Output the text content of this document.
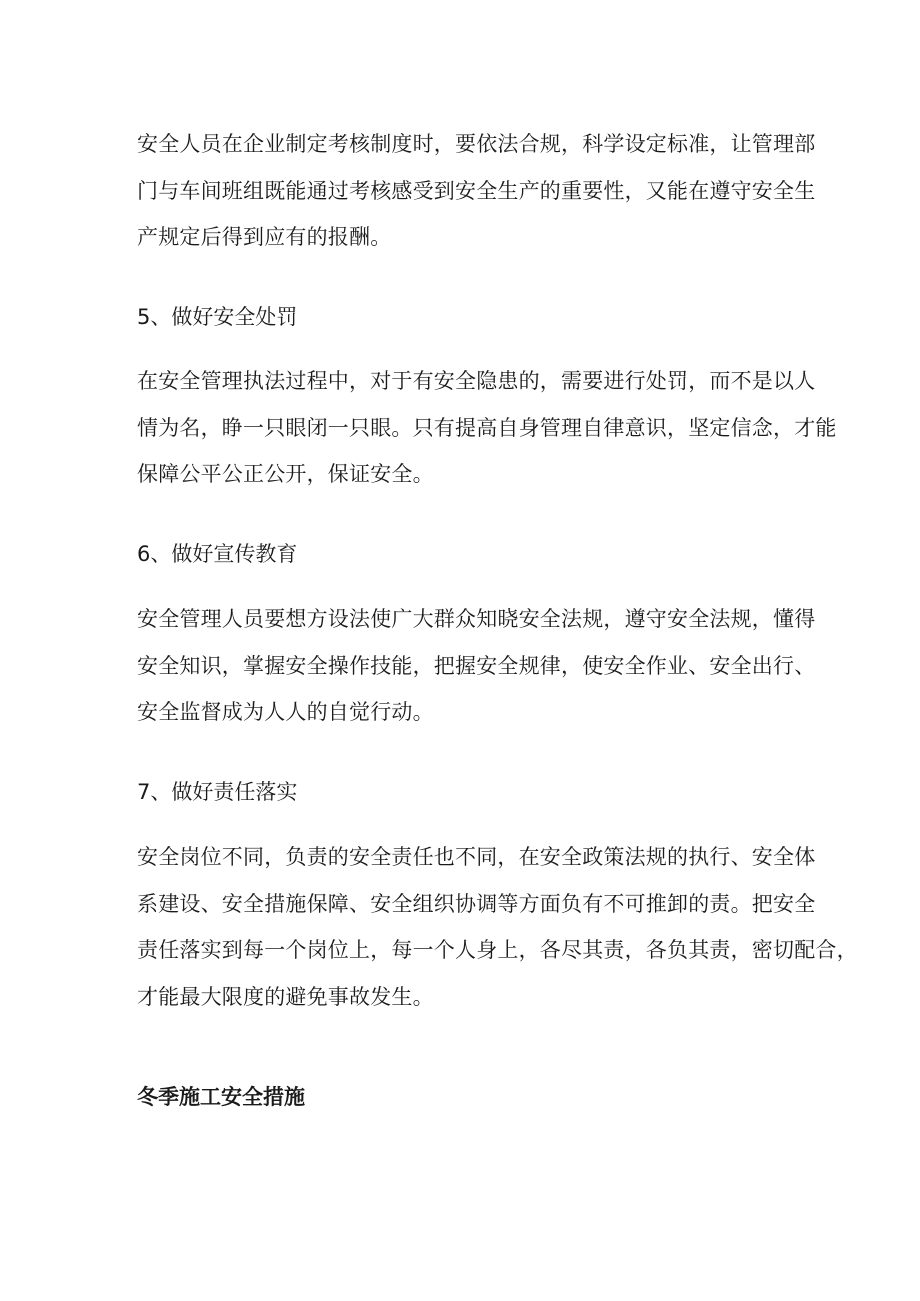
安全人员在企业制定考核制度时，要依法合规，科学设定标准，让管理部
门与车间班组既能通过考核感受到安全生产的重要性，又能在遵守安全生
产规定后得到应有的报酬。

5、做好安全处罚

在安全管理执法过程中，对于有安全隐患的，需要进行处罚，而不是以人
情为名，睁一只眼闭一只眼。只有提高自身管理自律意识，坚定信念，才能
保障公平公正公开，保证安全。

6、做好宣传教育

安全管理人员要想方设法使广大群众知晓安全法规，遵守安全法规，懂得
安全知识，掌握安全操作技能，把握安全规律，使安全作业、安全出行、
安全监督成为人人的自觉行动。

7、做好责任落实

安全岗位不同，负责的安全责任也不同，在安全政策法规的执行、安全体
系建设、安全措施保障、安全组织协调等方面负有不可推卸的责。把安全
责任落实到每一个岗位上，每一个人身上，各尽其责，各负其责，密切配合，
才能最大限度的避免事故发生。

冬季施工安全措施
